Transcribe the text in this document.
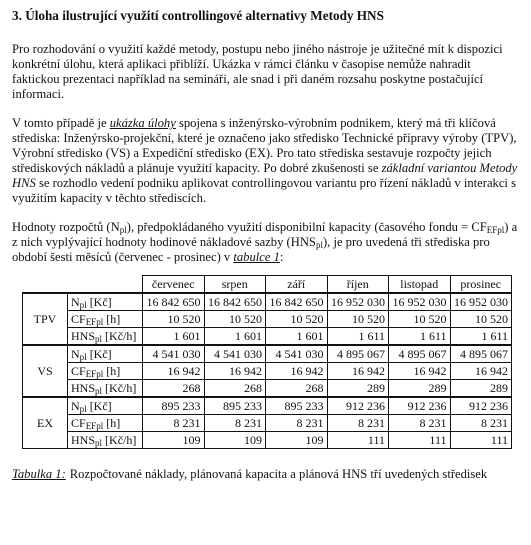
3. Úloha ilustrující využití controllingové alternativy Metody HNS

Pro rozhodování o využití každé metody, postupu nebo jiného nástroje je užitečné mít k dispozici konkrétní úlohu, která aplikaci přiblíží. Ukázka v rámci článku v časopise nemůže nahradit faktickou prezentaci například na semináři, ale snad i při daném rozsahu poskytne postačující informaci.

V tomto případě je ukázka úlohy spojena s inženýrsko-výrobním podnikem, který má tři klíčová střediska: Inženýrsko-projekční, které je označeno jako středisko Technické přípravy výroby (TPV), Výrobní středisko (VS) a Expediční středisko (EX). Pro tato střediska sestavuje rozpočty jejich střediskových nákladů a plánuje využití kapacity. Po dobré zkušenosti se základní variantou Metody HNS se rozhodlo vedení podniku aplikovat controllingovou variantu pro řízení nákladů v interakci s využitím kapacity v těchto střediscích.

Hodnoty rozpočtů $(N_{pl})$, předpokládaného využití disponibilní kapacity (časového fondu = $CF_{EFpl}$) a z nich vyplývající hodnoty hodinové nákladové sazby $(HNS_{pl})$, je pro uvedená tři střediska pro období šesti měsíců (červenec - prosinec) v tabulce 1:

		červenec	srpen	září	říjen	listopad	prosinec
TPV	$N_{pl}$ [Kč]	16 842 650	16 842 650	16 842 650	16 952 030	16 952 030	16 952 030
	$CF_{EFpl}$ [h]	10 520	10 520	10 520	10 520	10 520	10 520
	$HNS_{pl}$ [Kč/h]	1 601	1 601	1 601	1 611	1 611	1 611
VS	$N_{pl}$ [Kč]	4 541 030	4 541 030	4 541 030	4 895 067	4 895 067	4 895 067
	$CF_{EFpl}$ [h]	16 942	16 942	16 942	16 942	16 942	16 942
	$HNS_{pl}$ [Kč/h]	268	268	268	289	289	289
EX	$N_{pl}$ [Kč]	895 233	895 233	895 233	912 236	912 236	912 236
	$CF_{EFpl}$ [h]	8 231	8 231	8 231	8 231	8 231	8 231
	$HNS_{pl}$ [Kč/h]	109	109	109	111	111	111
Tabulka 1: Rozpočtované náklady, plánovaná kapacita a plánová HNS tří uvedených středisek
